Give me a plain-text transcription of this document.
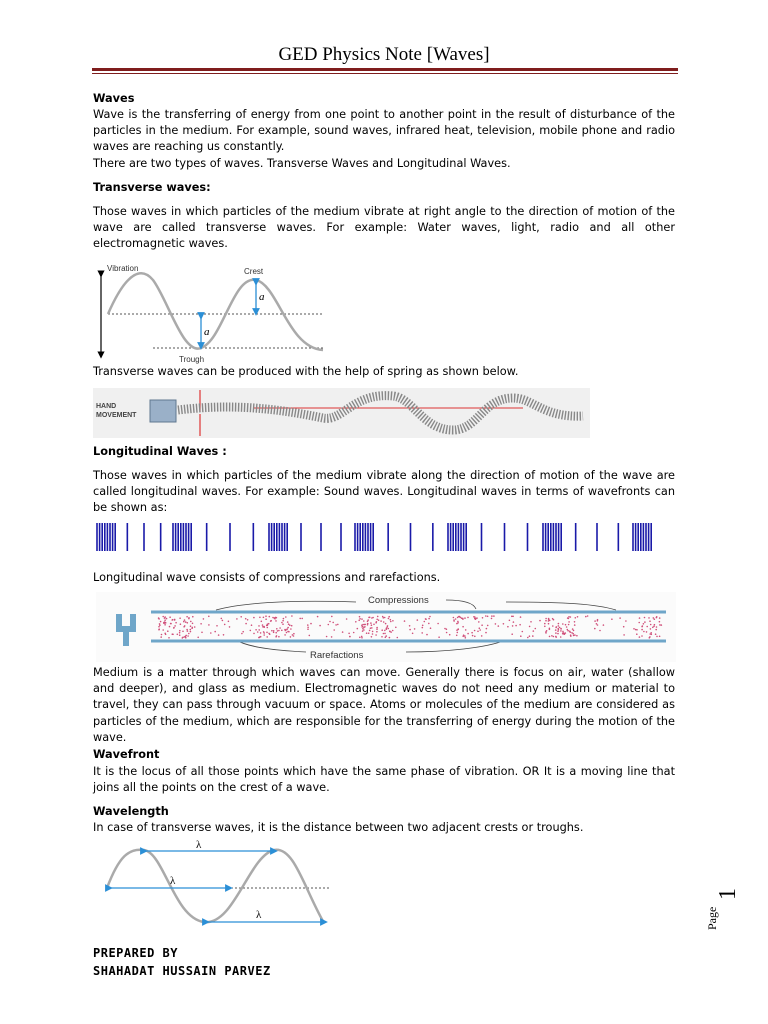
GED Physics Note [Waves]
Waves
Wave is the transferring of energy from one point to another point in the result of disturbance of the particles in the medium. For example, sound waves, infrared heat, television, mobile phone and radio waves are reaching us constantly.
There are two types of waves. Transverse Waves and Longitudinal Waves.
Transverse waves:
Those waves in which particles of the medium vibrate at right angle to the direction of motion of the wave are called transverse waves. For example: Water waves, light, radio and all other electromagnetic waves.
Vibration	Crest
Trough
a
a
Transverse waves can be produced with the help of spring as shown below.
HAND
MOVEMENT
Longitudinal Waves :
Those waves in which particles of the medium vibrate along the direction of motion of the wave are called longitudinal waves. For example: Sound waves. Longitudinal waves in terms of wavefronts can be shown as:
Longitudinal wave consists of compressions and rarefactions.
Compressions
Rarefactions
Medium is a matter through which waves can move. Generally there is focus on air, water (shallow and deeper), and glass as medium. Electromagnetic waves do not need any medium or material to travel, they can pass through vacuum or space. Atoms or molecules of the medium are considered as particles of the medium, which are responsible for the transferring of energy during the motion of the wave.
Wavefront
It is the locus of all those points which have the same phase of vibration. OR It is a moving line that joins all the points on the crest of a wave.
Wavelength
In case of transverse waves, it is the distance between two adjacent crests or troughs.
λ
λ
λ
PREPARED BY
SHAHADAT HUSSAIN PARVEZ
Page
1
